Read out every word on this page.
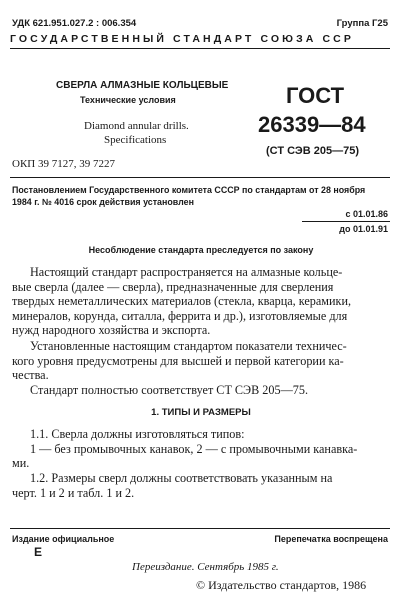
УДК 621.951.027.2 : 006.354	Группа Г25
ГОСУДАРСТВЕННЫЙ СТАНДАРТ СОЮЗА ССР
СВЕРЛА АЛМАЗНЫЕ КОЛЬЦЕВЫЕ
Технические условия
Diamond annular drills.
Specifications
ГОСТ
26339—84
(СТ СЭВ 205—75)
ОКП 39 7127, 39 7227
Постановлением Государственного комитета СССР по стандартам от 28 ноября
1984 г. № 4016 срок действия установлен
с 01.01.86
до 01.01.91
Несоблюдение стандарта преследуется по закону
Настоящий стандарт распространяется на алмазные кольце-
вые сверла (далее — сверла), предназначенные для сверления
твердых неметаллических материалов (стекла, кварца, керамики,
минералов, корунда, ситалла, феррита и др.), изготовляемые для
нужд народного хозяйства и экспорта.
Установленные настоящим стандартом показатели техничес-
кого уровня предусмотрены для высшей и первой категории ка-
чества.
Стандарт полностью соответствует СТ СЭВ 205—75.
1. ТИПЫ И РАЗМЕРЫ
1.1. Сверла должны изготовляться типов:
1 — без промывочных канавок, 2 — с промывочными канавка-
ми.
1.2. Размеры сверл должны соответствовать указанным на
черт. 1 и 2 и табл. 1 и 2.
Издание официальное	Перепечатка воспрещена
Е
Переиздание. Сентябрь 1985 г.
© Издательство стандартов, 1986
